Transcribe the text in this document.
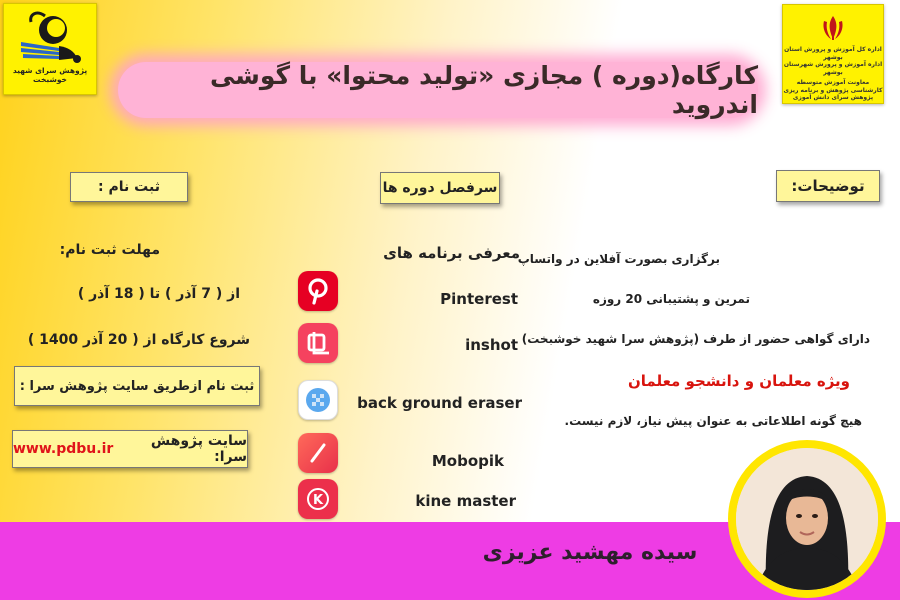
پژوهش سرای شهید خوشبخت
اداره کل آموزش و پرورش استان بوشهر
اداره آموزش و پرورش شهرستان بوشهر
معاونت آموزش متوسطه
کارشناسی پژوهش و برنامه ریزی
پژوهش سرای دانش آموزی
کارگاه(دوره ) مجازی «تولید محتوا» با گوشی اندروید
ثبت نام :	سرفصل دوره ها	توضیحات:
مهلت ثبت نام:
از ( 7 آذر ) تا ( 18 آذر )
شروع کارگاه از ( 20 آذر 1400 )
ثبت نام ازطریق سایت پژوهش سرا :
سایت پژوهش سرا:
www.pdbu.ir
معرفی برنامه های
Pinterest
inshot
back ground eraser
Mobopik
K	kine master
برگزاری بصورت آفلاین در واتساپ
تمرین و پشتیبانی 20 روزه
دارای گواهی حضور از طرف (پژوهش سرا شهید خوشبخت)
ویژه معلمان و دانشجو معلمان
هیچ گونه اطلاعاتی به عنوان پیش نیاز، لازم نیست.
سیده مهشید عزیزی
